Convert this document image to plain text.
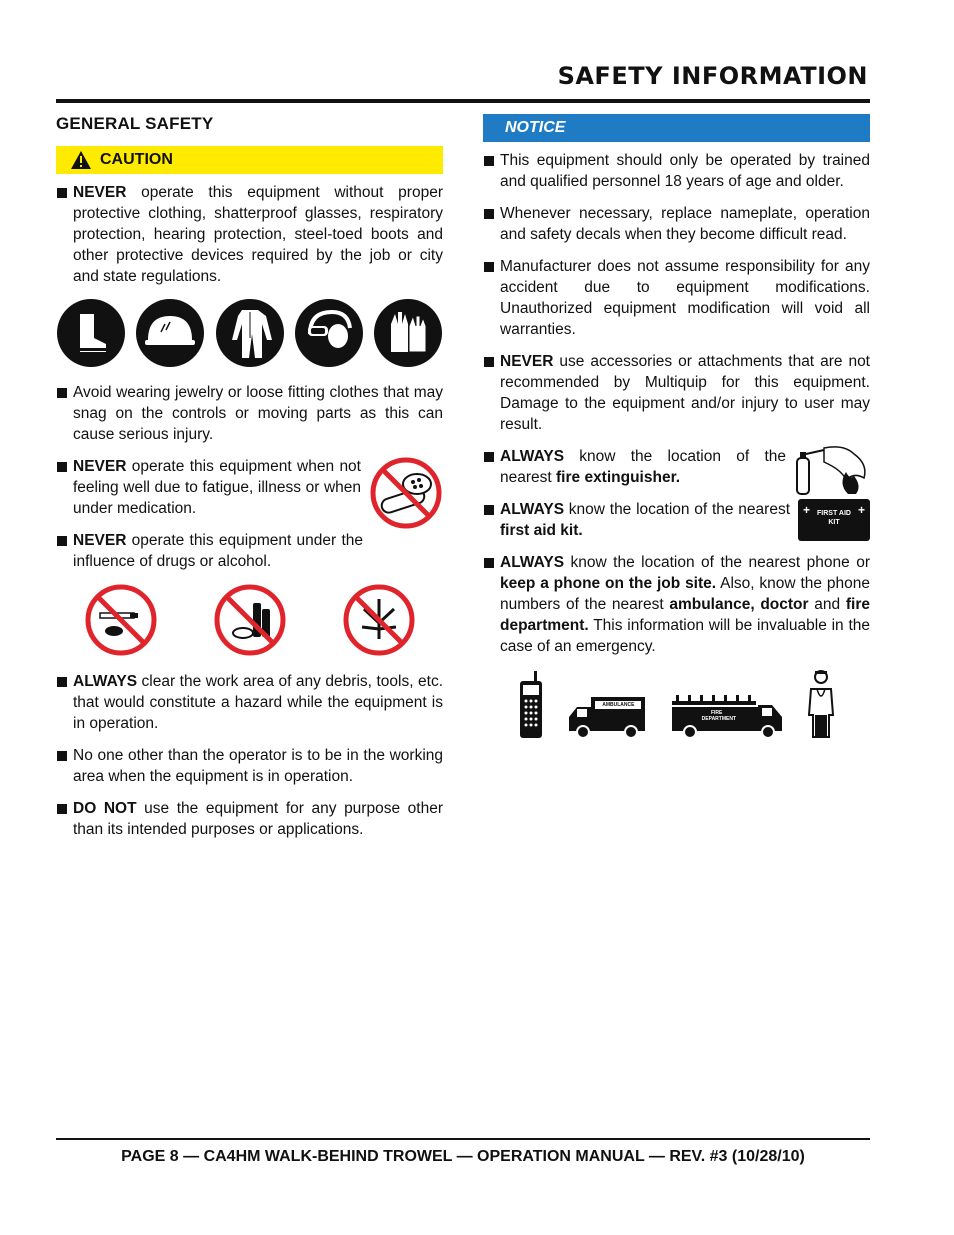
SAFETY INFORMATION
GENERAL SAFETY
CAUTION
NEVER operate this equipment without proper protective clothing, shatterproof glasses, respiratory protection, hearing protection, steel-toed boots and other protective devices required by the job or city and state regulations.
Avoid wearing jewelry or loose fitting clothes that may snag on the controls or moving parts as this can cause serious injury.
NEVER operate this equipment when not feeling well due to fatigue, illness or when under medication.
NEVER operate this equipment under the influence of drugs or alcohol.
ALWAYS clear the work area of any debris, tools, etc. that would constitute a hazard while the equipment is in operation.
No one other than the operator is to be in the working area when the equipment is in operation.
DO NOT use the equipment for any purpose other than its intended purposes or applications.
NOTICE
This equipment should only be operated by trained and qualified personnel 18 years of age and older.
Whenever necessary, replace nameplate, operation and safety decals when they become difficult read.
Manufacturer does not assume responsibility for any accident due to equipment modifications. Unauthorized equipment modification will void all warranties.
NEVER use accessories or attachments that are not recommended by Multiquip for this equipment. Damage to the equipment and/or injury to user may result.
ALWAYS know the location of the nearest fire extinguisher.
ALWAYS know the location of the nearest first aid kit.
+	+
FIRST AID
KIT
ALWAYS know the location of the nearest phone or keep a phone on the job site. Also, know the phone numbers of the nearest ambulance, doctor and fire department. This information will be invaluable in the case of an emergency.
AMBULANCE
FIRE
DEPARTMENT
PAGE 8 — CA4HM WALK-BEHIND TROWEL — OPERATION MANUAL — REV. #3 (10/28/10)
